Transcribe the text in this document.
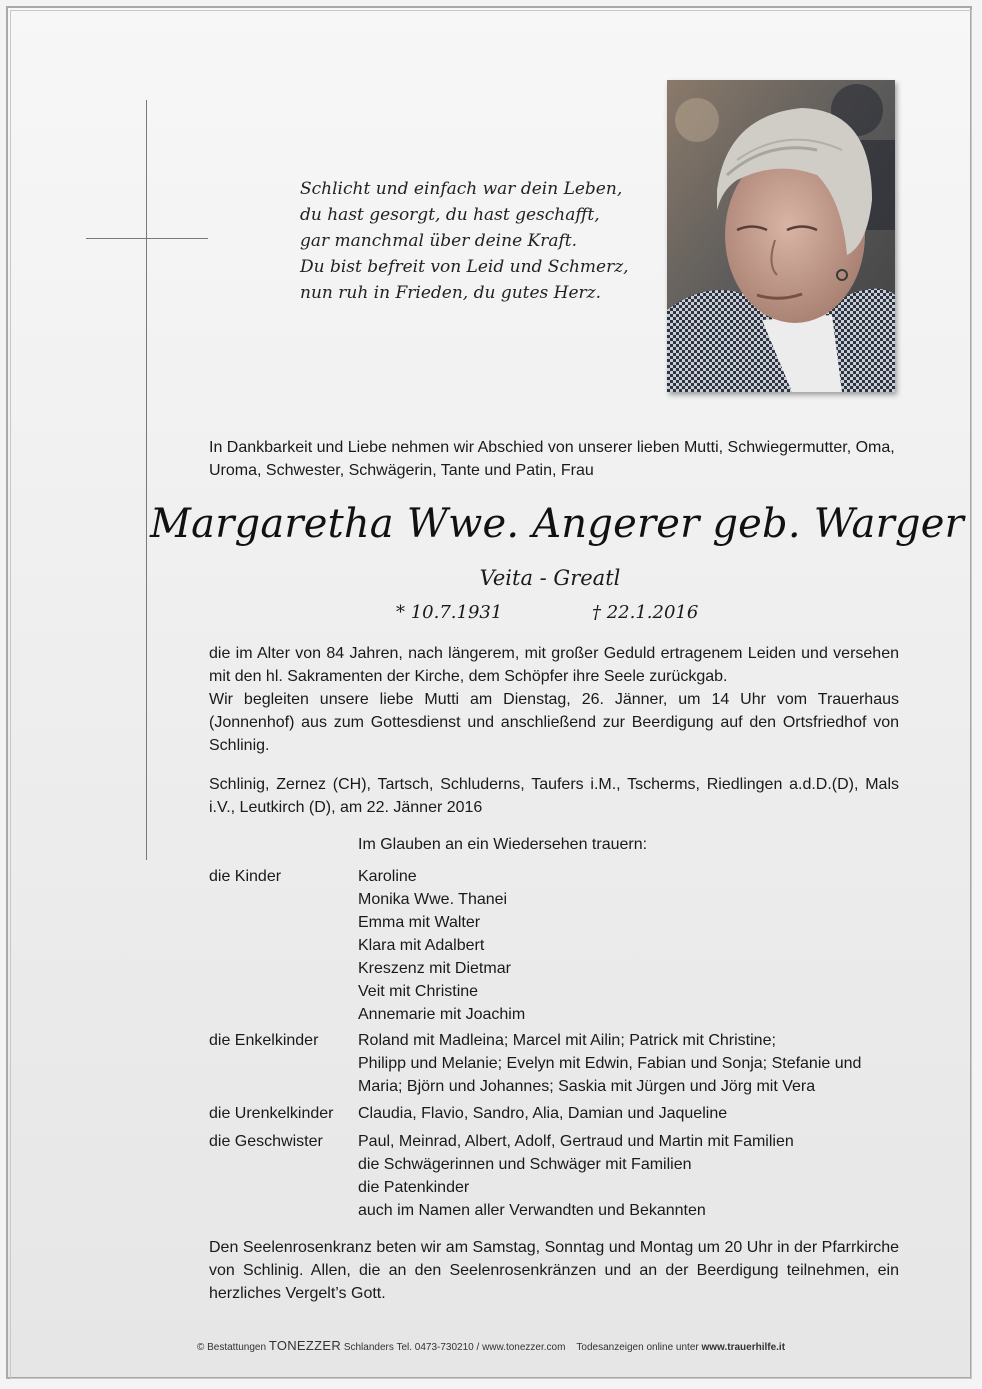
Schlicht und einfach war dein Leben,
du hast gesorgt, du hast geschafft,
gar manchmal über deine Kraft.
Du bist befreit von Leid und Schmerz,
nun ruh in Frieden, du gutes Herz.
In Dankbarkeit und Liebe nehmen wir Abschied von unserer lieben Mutti, Schwiegermutter, Oma, Uroma, Schwester, Schwägerin, Tante und Patin, Frau
Margaretha Wwe. Angerer geb. Warger
Veita - Greatl
* 10.7.1931	† 22.1.2016
die im Alter von 84 Jahren, nach längerem, mit großer Geduld ertragenem Leiden und versehen mit den hl. Sakramenten der Kirche, dem Schöpfer ihre Seele zurückgab.
Wir begleiten unsere liebe Mutti am Dienstag, 26. Jänner, um 14 Uhr vom Trauerhaus (Jonnenhof) aus zum Gottesdienst und anschließend zur Beerdigung auf den Ortsfriedhof von Schlinig.
Schlinig, Zernez (CH), Tartsch, Schluderns, Taufers i.M., Tscherms, Riedlingen a.d.D.(D), Mals i.V., Leutkirch (D), am 22. Jänner 2016
Im Glauben an ein Wiedersehen trauern:
die Kinder	Karoline
Monika Wwe. Thanei
Emma mit Walter
Klara mit Adalbert
Kreszenz mit Dietmar
Veit mit Christine
Annemarie mit Joachim
die Enkelkinder Roland mit Madleina; Marcel mit Ailin; Patrick mit Christine;
Philipp und Melanie; Evelyn mit Edwin, Fabian und Sonja; Stefanie und
Maria; Björn und Johannes; Saskia mit Jürgen und Jörg mit Vera
die Urenkelkinder Claudia, Flavio, Sandro, Alia, Damian und Jaqueline
die Geschwister Paul, Meinrad, Albert, Adolf, Gertraud und Martin mit Familien
die Schwägerinnen und Schwäger mit Familien
die Patenkinder
auch im Namen aller Verwandten und Bekannten
Den Seelenrosenkranz beten wir am Samstag, Sonntag und Montag um 20 Uhr in der Pfarrkirche von Schlinig. Allen, die an den Seelenrosenkränzen und an der Beerdigung teilnehmen, ein herzliches Vergelt’s Gott.
© Bestattungen TONEZZER Schlanders Tel. 0473-730210 / www.tonezzer.com Todesanzeigen online unter www.trauerhilfe.it
